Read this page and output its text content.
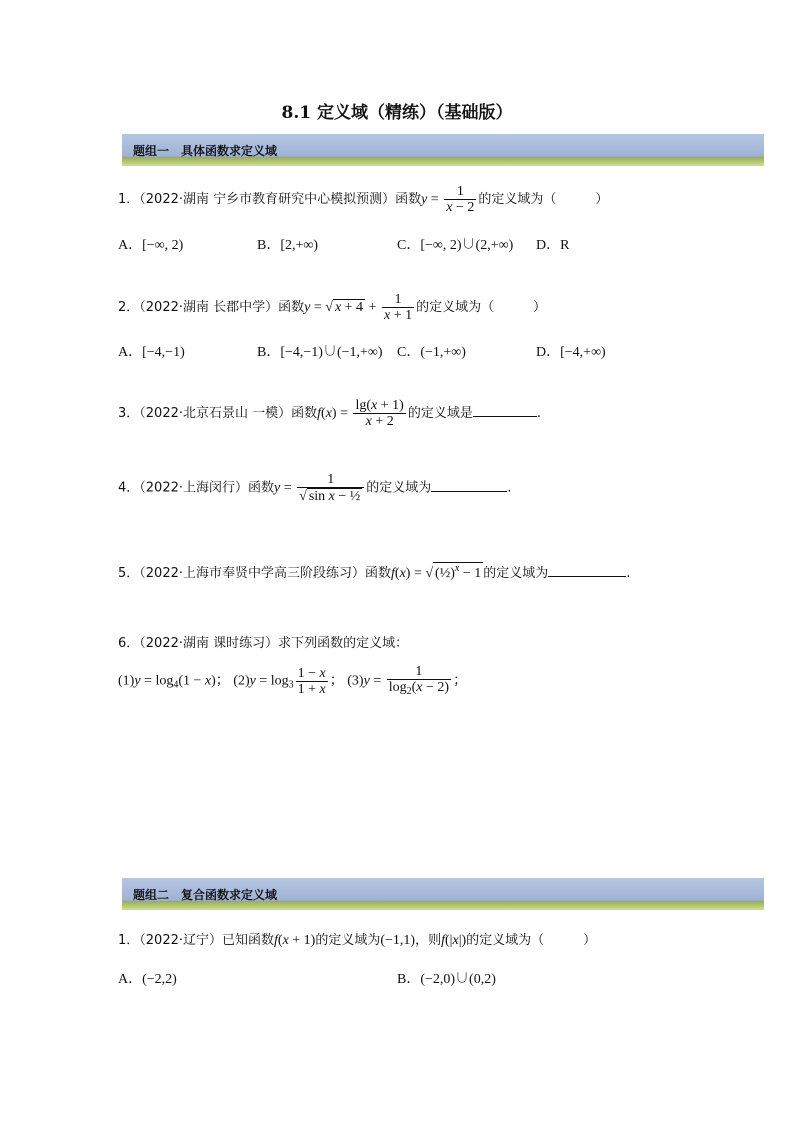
8.1 定义域（精练）（基础版）
题组一　具体函数求定义域
1．（2022·湖南 宁乡市教育研究中心模拟预测）函数$y = \frac{1}{x - 2}$ 的定义域为（　　　）
A．[−∞, 2)	B．[2,+∞)	C．[−∞, 2)∪(2,+∞) D．R
2．（2022·湖南 长郡中学）函数y = √ $x + 4 + \frac{1}{x + 1}$ 的定义域为（　　　）
A．[−4,−1)	B．[−4,−1)∪(−1,+∞) C．(−1,+∞)	D．[−4,+∞)
3．（2022·北京石景山 一模）函数$f(x) = \frac{\lg(x + 1)}{x + 2}$ 的定义域是	.
4．（2022·上海闵行）函数$y = \frac{1}{\text{√ sin x − ½}}$ 的定义域为	.
5．（2022·上海市奉贤中学高三阶段练习）函数f(x) = √ (½)$^x$ − 1 的定义域为	.
6．（2022·湖南 课时练习）求下列函数的定义域：
$(1)y = \log_4(1 - x)$； $(2)y = \log_3 \frac{1 - x}{1 + x}$ ； $(3)y = \frac{1}{\log_2(x - 2)}$ ；
题组二　复合函数求定义域
1．（2022·辽宁）已知函数f(x + 1)的定义域为(−1,1)，则f(|x|)的定义域为（　　　）
A．(−2,2)	B．(−2,0)∪(0,2)
